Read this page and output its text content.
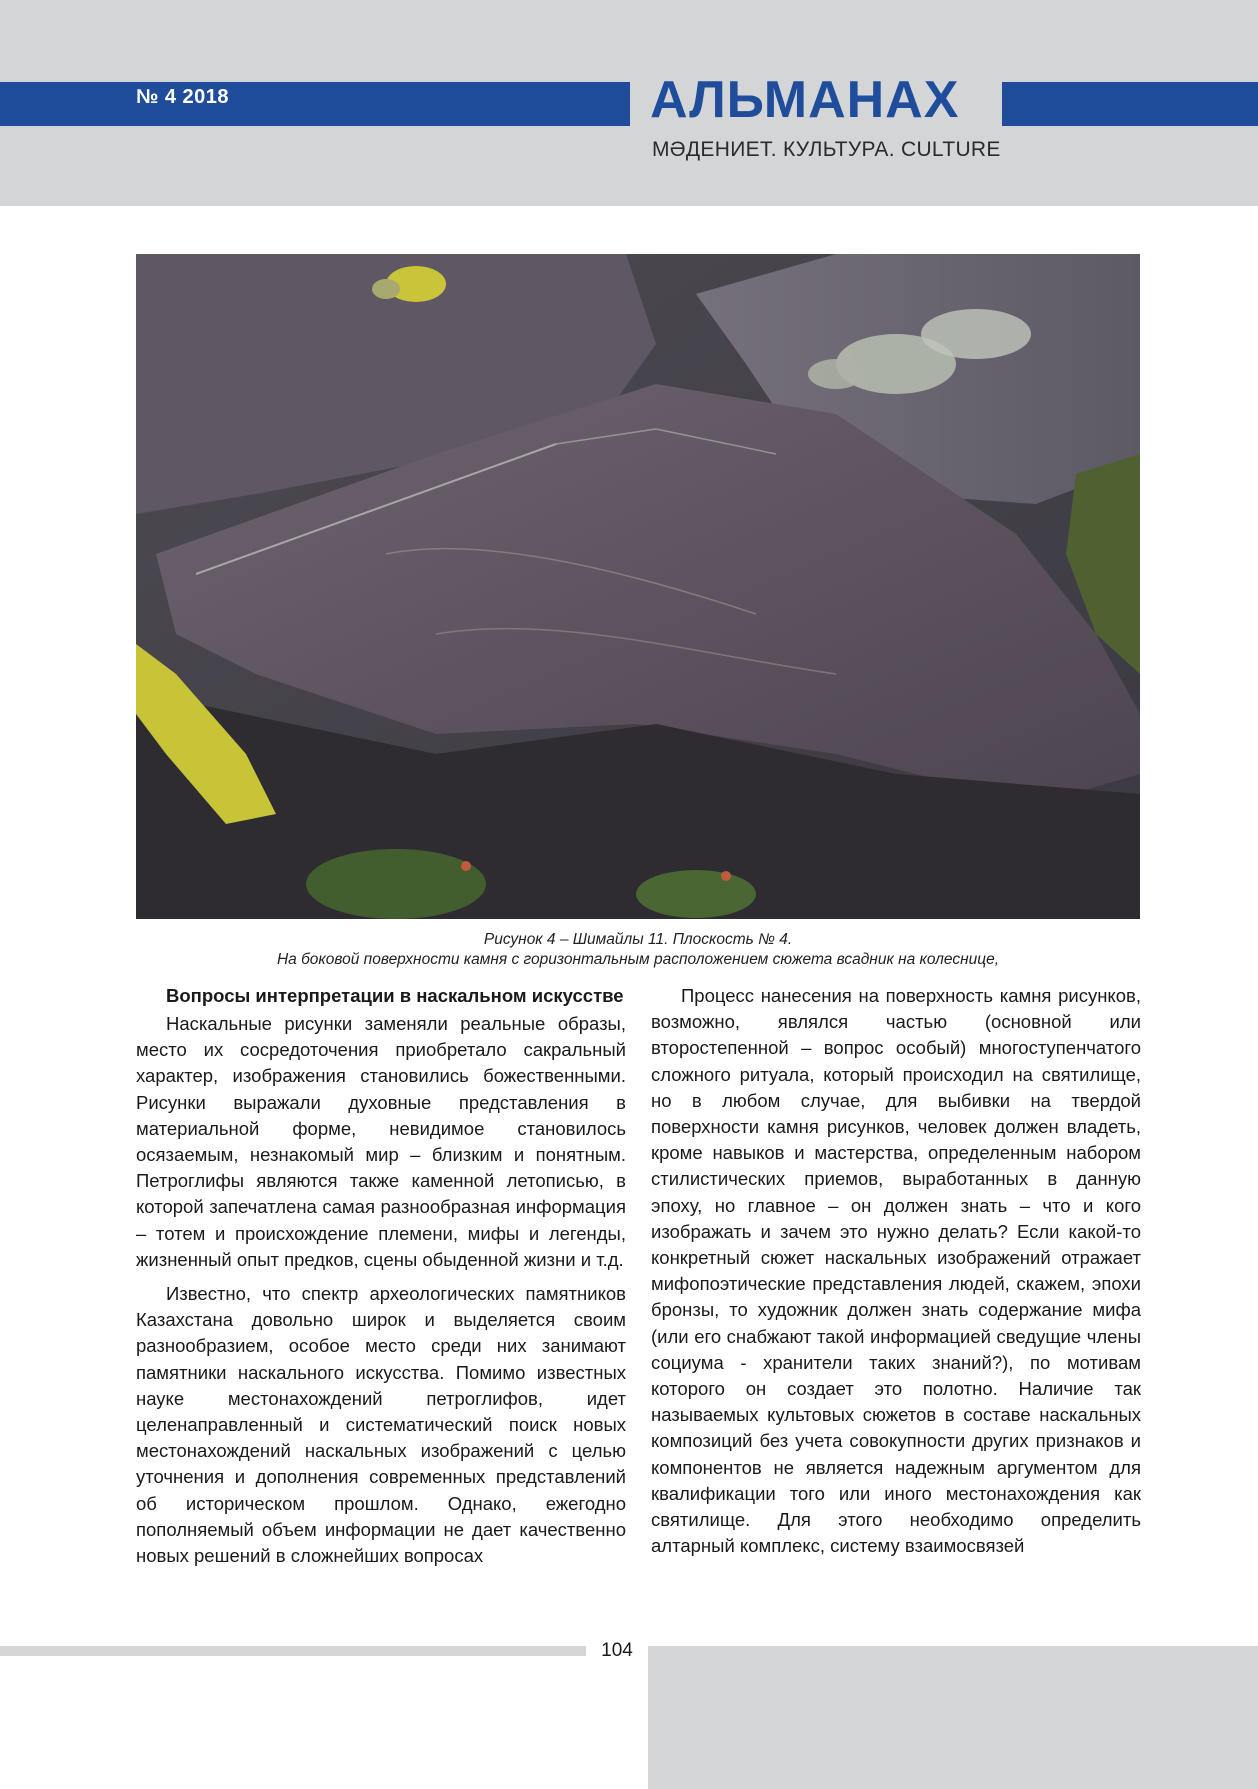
№ 4 2018	АЛЬМАНАХ
МӘДЕНИЕТ. КУЛЬТУРА. CULTURE
Рисунок 4 – Шимайлы 11. Плоскость № 4.
На боковой поверхности камня с горизонтальным расположением сюжета всадник на колеснице,
Вопросы интерпретации в наскальном искусстве

Наскальные рисунки заменяли реальные образы, место их сосредоточения приобретало сакральный характер, изображения становились божественными. Рисунки выражали духовные представления в материальной форме, невидимое становилось осязаемым, незнакомый мир – близким и понятным. Петроглифы являются также каменной летописью, в которой запечатлена самая разнообразная информация – тотем и происхождение племени, мифы и легенды, жизненный опыт предков, сцены обыденной жизни и т.д.

Известно, что спектр археологических памятников Казахстана довольно широк и выделяется своим разнообразием, особое место среди них занимают памятники наскального искусства. Помимо известных науке местонахождений петроглифов, идет целенаправленный и систематический поиск новых местонахождений наскальных изображений с целью уточнения и дополнения современных представлений об историческом прошлом. Однако, ежегодно пополняемый объем информации не дает качественно новых решений в сложнейших вопросах

Процесс нанесения на поверхность камня рисунков, возможно, являлся частью (основной или второстепенной – вопрос особый) многоступенчатого сложного ритуала, который происходил на святилище, но в любом случае, для выбивки на твердой поверхности камня рисунков, человек должен владеть, кроме навыков и мастерства, определенным набором стилистических приемов, выработанных в данную эпоху, но главное – он должен знать – что и кого изображать и зачем это нужно делать? Если какой-то конкретный сюжет наскальных изображений отражает мифопоэтические представления людей, скажем, эпохи бронзы, то художник должен знать содержание мифа (или его снабжают такой информацией сведущие члены социума - хранители таких знаний?), по мотивам которого он создает это полотно. Наличие так называемых культовых сюжетов в составе наскальных композиций без учета совокупности других признаков и компонентов не является надежным аргументом для квалификации того или иного местонахождения как святилище. Для этого необходимо определить алтарный комплекс, систему взаимосвязей

104
